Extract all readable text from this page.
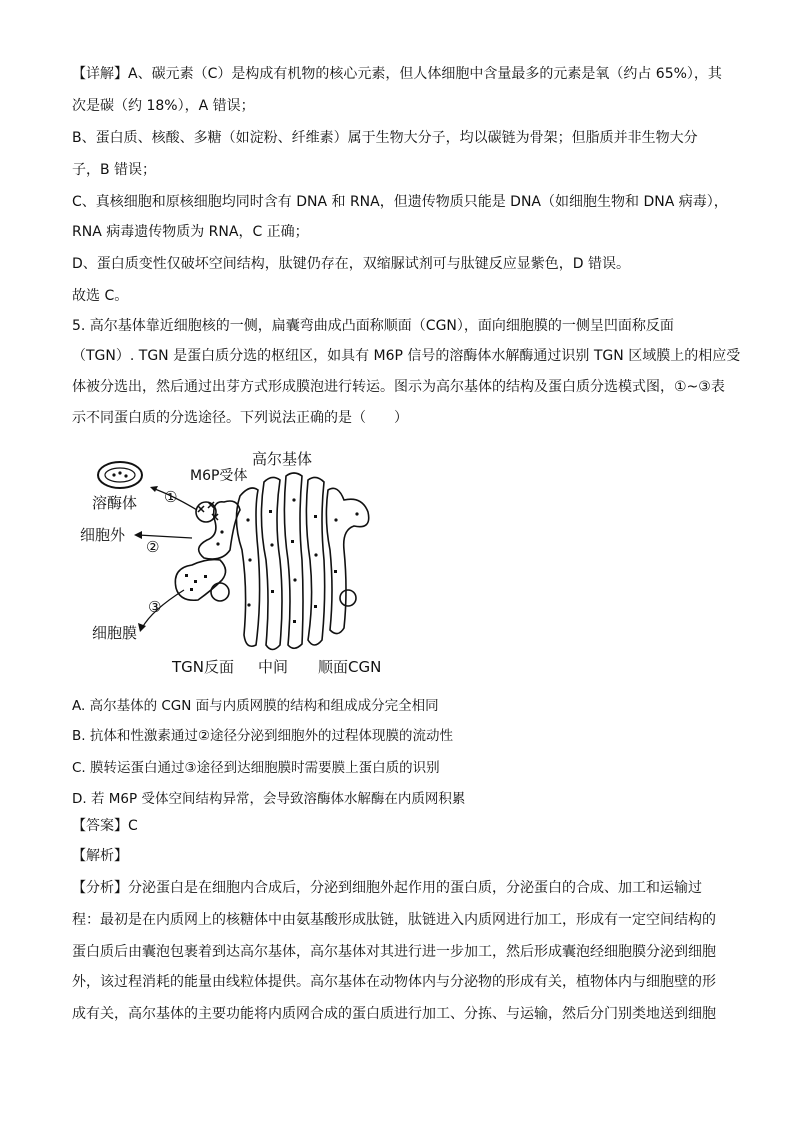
【详解】A、碳元素（C）是构成有机物的核心元素，但人体细胞中含量最多的元素是氧（约占 65%），其
次是碳（约 18%），A 错误；
B、蛋白质、核酸、多糖（如淀粉、纤维素）属于生物大分子，均以碳链为骨架；但脂质并非生物大分
子，B 错误；
C、真核细胞和原核细胞均同时含有 DNA 和 RNA，但遗传物质只能是 DNA（如细胞生物和 DNA 病毒），
RNA 病毒遗传物质为 RNA，C 正确；
D、蛋白质变性仅破坏空间结构，肽键仍存在，双缩脲试剂可与肽键反应显紫色，D 错误。
故选 C。
5. 高尔基体靠近细胞核的一侧，扁囊弯曲成凸面称顺面（CGN），面向细胞膜的一侧呈凹面称反面
（TGN）. TGN 是蛋白质分选的枢纽区，如具有 M6P 信号的溶酶体水解酶通过识别 TGN 区域膜上的相应受
体被分选出，然后通过出芽方式形成膜泡进行转运。图示为高尔基体的结构及蛋白质分选模式图，①~③表
示不同蛋白质的分选途径。下列说法正确的是（　　）
高尔基体
M6P受体
溶酶体 ①
细胞外
②
③
细胞膜
TGN反面 中间 顺面CGN
A. 高尔基体的 CGN 面与内质网膜的结构和组成成分完全相同
B. 抗体和性激素通过②途径分泌到细胞外的过程体现膜的流动性
C. 膜转运蛋白通过③途径到达细胞膜时需要膜上蛋白质的识别
D. 若 M6P 受体空间结构异常，会导致溶酶体水解酶在内质网积累
【答案】C
【解析】
【分析】分泌蛋白是在细胞内合成后，分泌到细胞外起作用的蛋白质，分泌蛋白的合成、加工和运输过
程：最初是在内质网上的核糖体中由氨基酸形成肽链，肽链进入内质网进行加工，形成有一定空间结构的
蛋白质后由囊泡包裹着到达高尔基体，高尔基体对其进行进一步加工，然后形成囊泡经细胞膜分泌到细胞
外，该过程消耗的能量由线粒体提供。高尔基体在动物体内与分泌物的形成有关，植物体内与细胞壁的形
成有关，高尔基体的主要功能将内质网合成的蛋白质进行加工、分拣、与运输，然后分门别类地送到细胞
